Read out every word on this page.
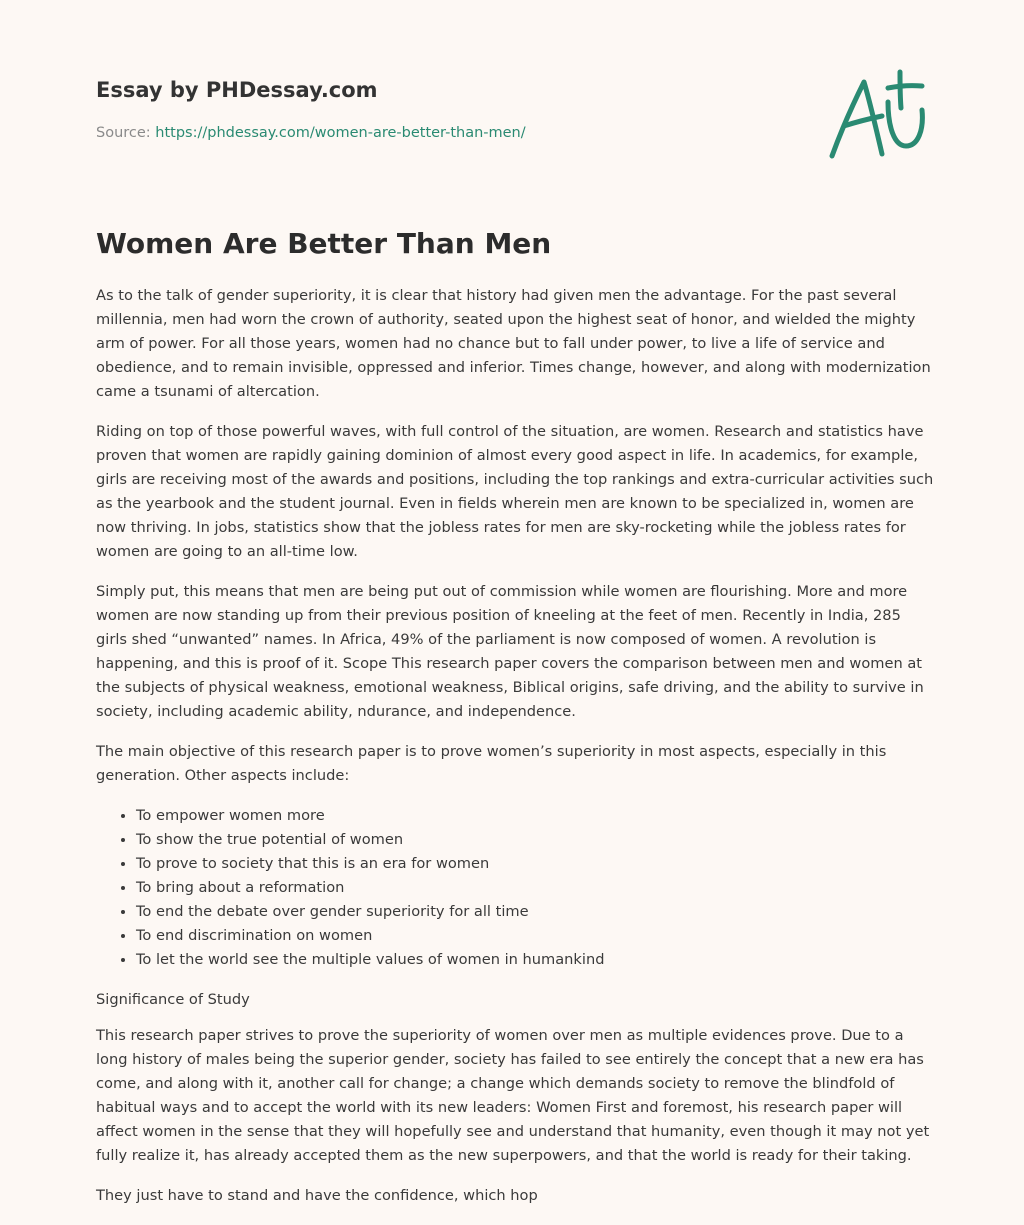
Essay by PHDessay.com

Source: https://phdessay.com/women-are-better-than-men/
Women Are Better Than Men

As to the talk of gender superiority, it is clear that history had given men the advantage. For the past several millennia, men had worn the crown of authority, seated upon the highest seat of honor, and wielded the mighty arm of power. For all those years, women had no chance but to fall under power, to live a life of service and obedience, and to remain invisible, oppressed and inferior. Times change, however, and along with modernization came a tsunami of altercation.

Riding on top of those powerful waves, with full control of the situation, are women. Research and statistics have proven that women are rapidly gaining dominion of almost every good aspect in life. In academics, for example, girls are receiving most of the awards and positions, including the top rankings and extra-curricular activities such as the yearbook and the student journal. Even in fields wherein men are known to be specialized in, women are now thriving. In jobs, statistics show that the jobless rates for men are sky-rocketing while the jobless rates for women are going to an all-time low.

Simply put, this means that men are being put out of commission while women are flourishing. More and more women are now standing up from their previous position of kneeling at the feet of men. Recently in India, 285 girls shed “unwanted” names. In Africa, 49% of the parliament is now composed of women. A revolution is happening, and this is proof of it. Scope This research paper covers the comparison between men and women at the subjects of physical weakness, emotional weakness, Biblical origins, safe driving, and the ability to survive in society, including academic ability, ndurance, and independence.

The main objective of this research paper is to prove women’s superiority in most aspects, especially in this generation. Other aspects include:

• To empower women more
• To show the true potential of women
• To prove to society that this is an era for women
• To bring about a reformation
• To end the debate over gender superiority for all time
• To end discrimination on women
• To let the world see the multiple values of women in humankind

Significance of Study

This research paper strives to prove the superiority of women over men as multiple evidences prove. Due to a long history of males being the superior gender, society has failed to see entirely the concept that a new era has come, and along with it, another call for change; a change which demands society to remove the blindfold of habitual ways and to accept the world with its new leaders: Women First and foremost, his research paper will affect women in the sense that they will hopefully see and understand that humanity, even though it may not yet fully realize it, has already accepted them as the new superpowers, and that the world is ready for their taking.

They just have to stand and have the confidence, which hop
